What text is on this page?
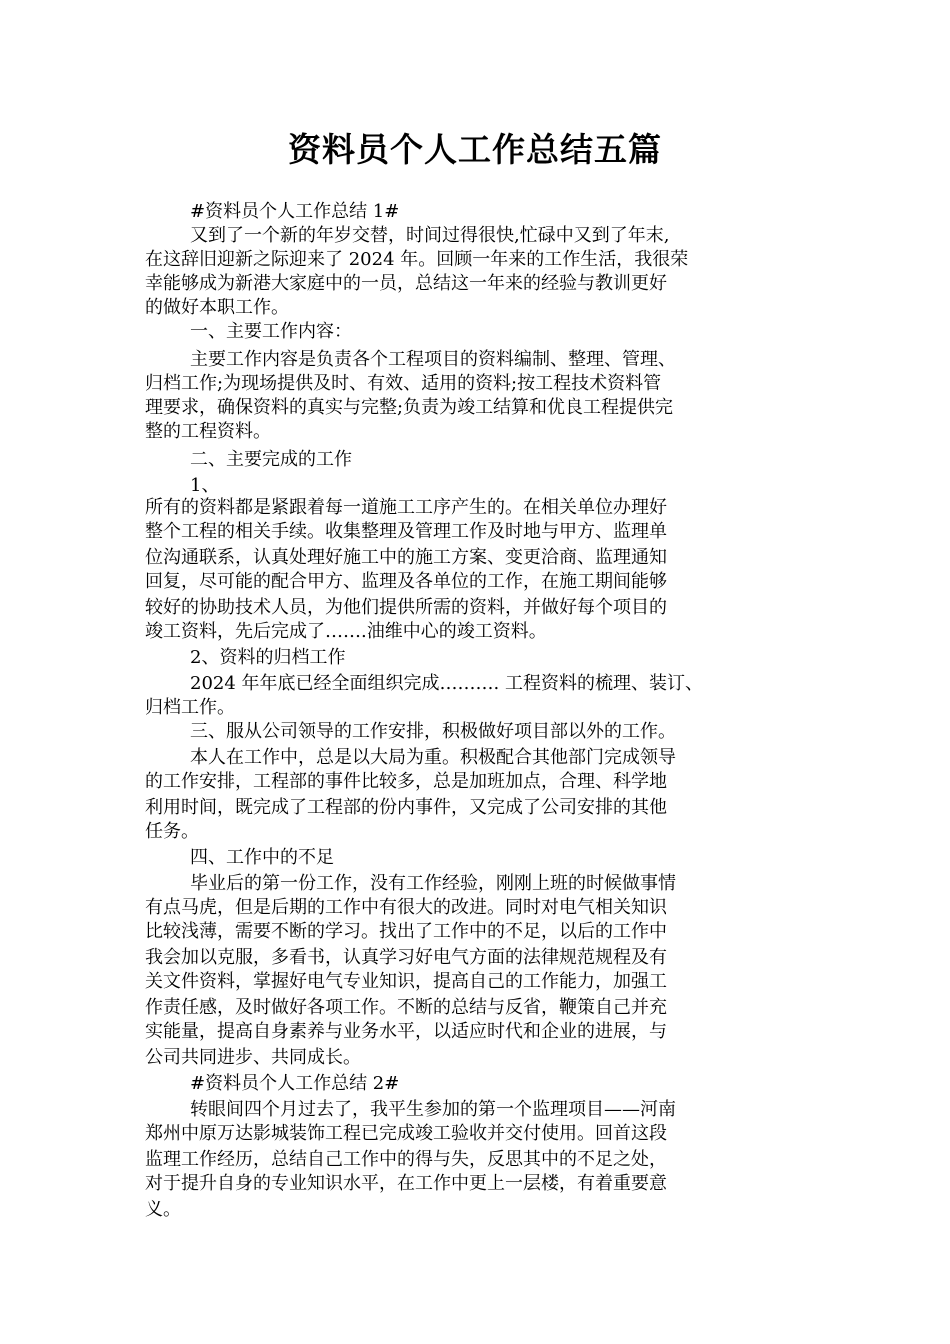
资料员个人工作总结五篇
#资料员个人工作总结 1#
又到了一个新的年岁交替，时间过得很快,忙碌中又到了年末,
在这辞旧迎新之际迎来了 2024 年。回顾一年来的工作生活，我很荣
幸能够成为新港大家庭中的一员，总结这一年来的经验与教训更好
的做好本职工作。
一、主要工作内容：
主要工作内容是负责各个工程项目的资料编制、整理、管理、
归档工作;为现场提供及时、有效、适用的资料;按工程技术资料管
理要求，确保资料的真实与完整;负责为竣工结算和优良工程提供完
整的工程资料。
二、主要完成的工作
1、
所有的资料都是紧跟着每一道施工工序产生的。在相关单位办理好
整个工程的相关手续。收集整理及管理工作及时地与甲方、监理单
位沟通联系，认真处理好施工中的施工方案、变更洽商、监理通知
回复，尽可能的配合甲方、监理及各单位的工作，在施工期间能够
较好的协助技术人员，为他们提供所需的资料，并做好每个项目的
竣工资料，先后完成了…….油维中心的竣工资料。
2、资料的归档工作
2024 年年底已经全面组织完成………. 工程资料的梳理、装订、
归档工作。
三、服从公司领导的工作安排，积极做好项目部以外的工作。
本人在工作中，总是以大局为重。积极配合其他部门完成领导
的工作安排，工程部的事件比较多，总是加班加点，合理、科学地
利用时间，既完成了工程部的份内事件，又完成了公司安排的其他
任务。
四、工作中的不足
毕业后的第一份工作，没有工作经验，刚刚上班的时候做事情
有点马虎，但是后期的工作中有很大的改进。同时对电气相关知识
比较浅薄，需要不断的学习。找出了工作中的不足，以后的工作中
我会加以克服，多看书，认真学习好电气方面的法律规范规程及有
关文件资料，掌握好电气专业知识，提高自己的工作能力，加强工
作责任感，及时做好各项工作。不断的总结与反省，鞭策自己并充
实能量，提高自身素养与业务水平，以适应时代和企业的进展，与
公司共同进步、共同成长。
#资料员个人工作总结 2#
转眼间四个月过去了，我平生参加的第一个监理项目——河南
郑州中原万达影城装饰工程已完成竣工验收并交付使用。回首这段
监理工作经历，总结自己工作中的得与失，反思其中的不足之处，
对于提升自身的专业知识水平，在工作中更上一层楼，有着重要意
义。
